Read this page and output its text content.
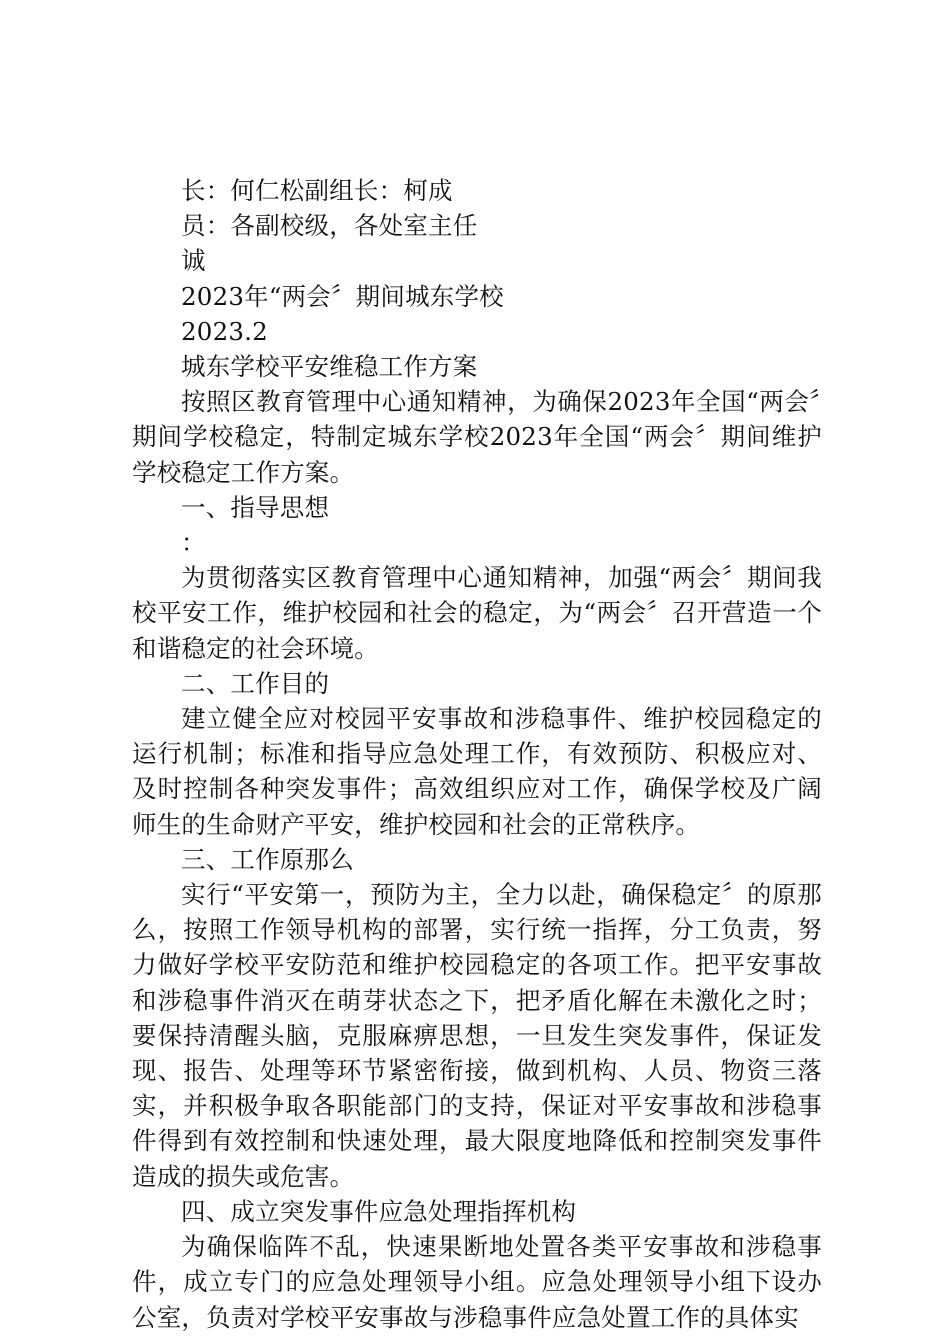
长：何仁松副组长：柯成

员：各副校级，各处室主任

诚

2023年“两会〞期间城东学校

2023.2

城东学校平安维稳工作方案

按照区教育管理中心通知精神，为确保2023年全国“两会〞期间学校稳定，特制定城东学校2023年全国“两会〞期间维护学校稳定工作方案。

一、指导思想

：

为贯彻落实区教育管理中心通知精神，加强“两会〞期间我校平安工作，维护校园和社会的稳定，为“两会〞召开营造一个和谐稳定的社会环境。

二、工作目的

建立健全应对校园平安事故和涉稳事件、维护校园稳定的运行机制；标准和指导应急处理工作，有效预防、积极应对、及时控制各种突发事件；高效组织应对工作，确保学校及广阔师生的生命财产平安，维护校园和社会的正常秩序。

三、工作原那么

实行“平安第一，预防为主，全力以赴，确保稳定〞的原那么，按照工作领导机构的部署，实行统一指挥，分工负责，努力做好学校平安防范和维护校园稳定的各项工作。把平安事故和涉稳事件消灭在萌芽状态之下，把矛盾化解在未激化之时；要保持清醒头脑，克服麻痹思想，一旦发生突发事件，保证发现、报告、处理等环节紧密衔接，做到机构、人员、物资三落实，并积极争取各职能部门的支持，保证对平安事故和涉稳事件得到有效控制和快速处理，最大限度地降低和控制突发事件造成的损失或危害。

四、成立突发事件应急处理指挥机构

为确保临阵不乱，快速果断地处置各类平安事故和涉稳事件，成立专门的应急处理领导小组。应急处理领导小组下设办公室，负责对学校平安事故与涉稳事件应急处置工作的具体实
